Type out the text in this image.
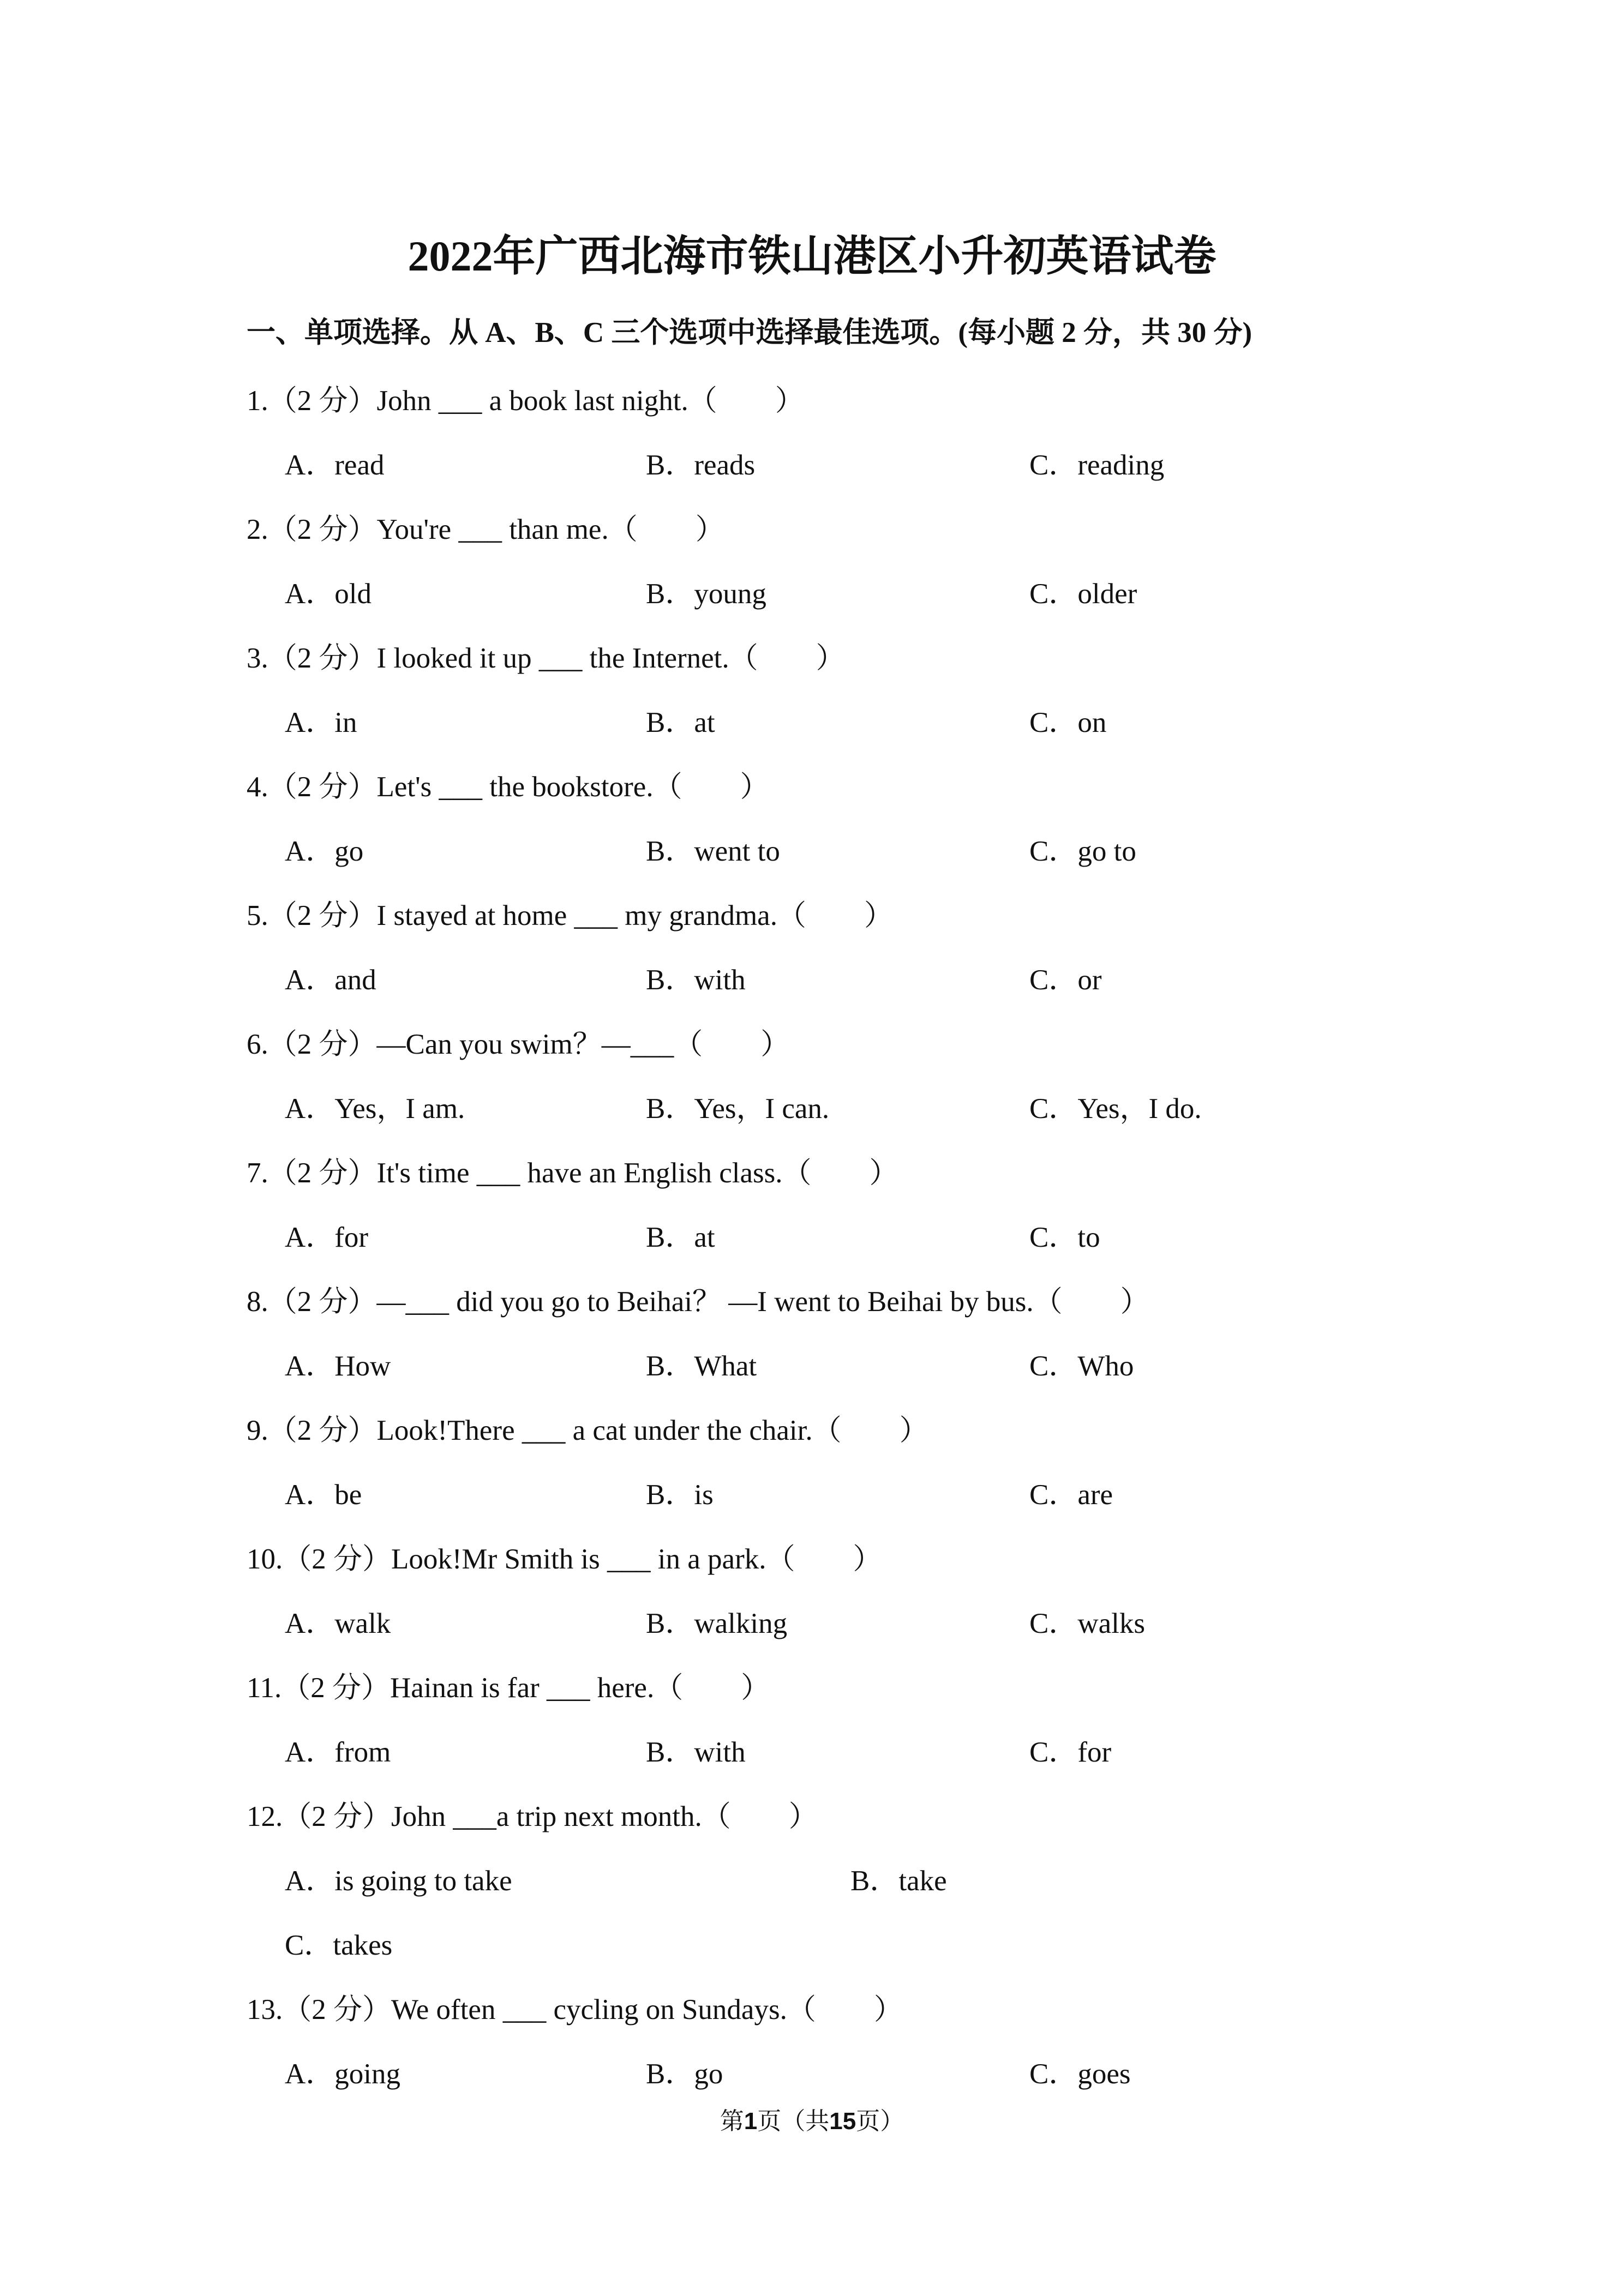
2022年广西北海市铁山港区小升初英语试卷

一、单项选择。从 A、B、C 三个选项中选择最佳选项。(每小题 2 分，共 30 分)

1.（2 分）John ___ a book last night.（　　）
A．read	B．reads	C．reading
2.（2 分）You're ___ than me.（　　）
A．old	B．young	C．older
3.（2 分）I looked it up ___ the Internet.（　　）
A．in	B．at	C．on
4.（2 分）Let's ___ the bookstore.（　　）
A．go	B．went to	C．go to
5.（2 分）I stayed at home ___ my grandma.（　　）
A．and	B．with	C．or
6.（2 分）—Can you swim？—___（　　）
A．Yes，I am.	B．Yes，I can.	C．Yes，I do.
7.（2 分）It's time ___ have an English class.（　　）
A．for	B．at	C．to
8.（2 分）—___ did you go to Beihai？ —I went to Beihai by bus.（　　）
A．How	B．What	C．Who
9.（2 分）Look!There ___ a cat under the chair.（　　）
A．be	B．is	C．are
10.（2 分）Look!Mr Smith is ___ in a park.（　　）
A．walk	B．walking	C．walks
11.（2 分）Hainan is far ___ here.（　　）
A．from	B．with	C．for
12.（2 分）John ___a trip next month.（　　）
A．is going to take	B．take
C．takes
13.（2 分）We often ___ cycling on Sundays.（　　）
A．going	B．go	C．goes

第1页（共15页）
